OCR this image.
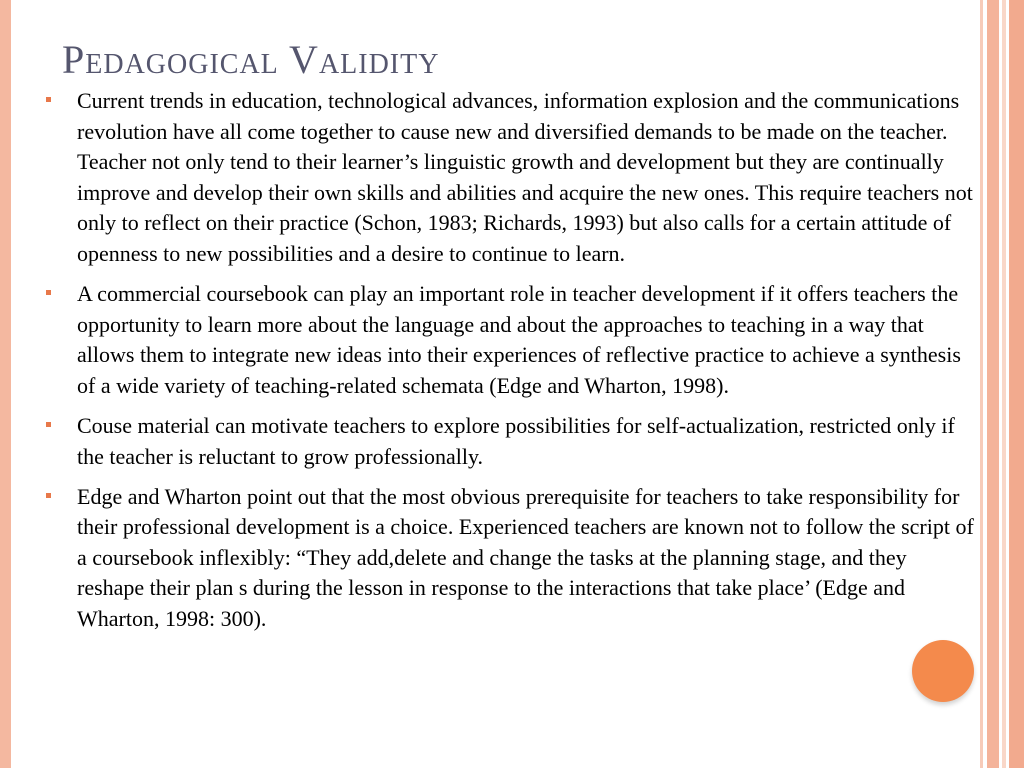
Pedagogical Validity
Current trends in education, technological advances, information explosion and the communications revolution have all come together to cause new and diversified demands to be made on the teacher. Teacher not only tend to their learner’s linguistic growth and development but they are continually improve and develop their own skills and abilities and acquire the new ones. This require teachers not only to reflect on their practice (Schon, 1983; Richards, 1993) but also calls for a certain attitude of openness to new possibilities and a desire to continue to learn.
A commercial coursebook can play an important role in teacher development if it offers teachers the opportunity to learn more about the language and about the approaches to teaching in a way that allows them to integrate new ideas into their experiences of reflective practice to achieve a synthesis of a wide variety of teaching-related schemata (Edge and Wharton, 1998).
Couse material can motivate teachers to explore possibilities for self-actualization, restricted only if the teacher is reluctant to grow professionally.
Edge and Wharton point out that the most obvious prerequisite for teachers to take responsibility for their professional development is a choice. Experienced teachers are known not to follow the script of a coursebook inflexibly: “They add,delete and change the tasks at the planning stage, and they reshape their plan s during the lesson in response to the interactions that take place’ (Edge and Wharton, 1998: 300).
